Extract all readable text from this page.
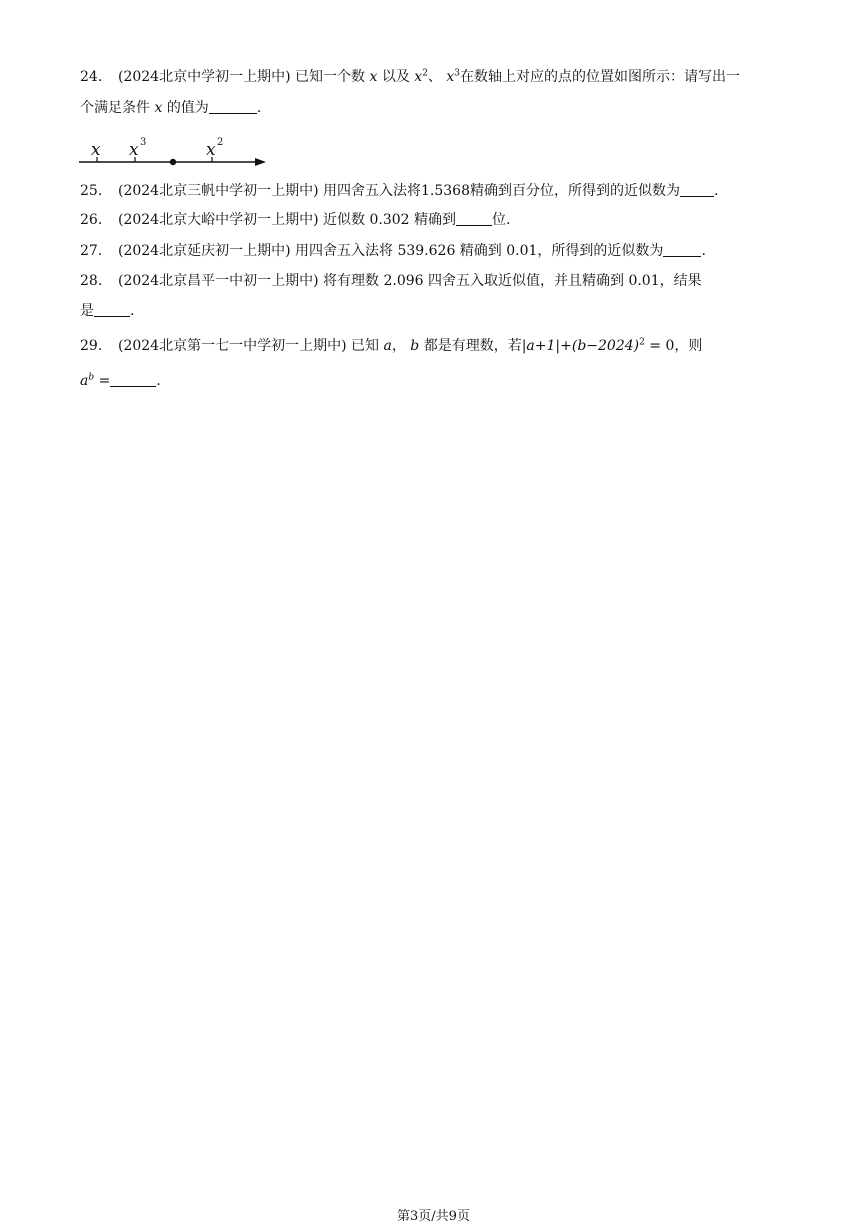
24. (2024北京中学初一上期中) 已知一个数 x 以及 $x^2$、 $x^3$在数轴上对应的点的位置如图所示：请写出一
个满足条件 x 的值为	.
x x 3	x 2
25. (2024北京三帆中学初一上期中) 用四舍五入法将1.5368精确到百分位，所得到的近似数为 .
26. (2024北京大峪中学初一上期中) 近似数 0.302 精确到	位.
27. (2024北京延庆初一上期中) 用四舍五入法将 539.626 精确到 0.01，所得到的近似数为	.
28. (2024北京昌平一中初一上期中) 将有理数 2.096 四舍五入取近似值，并且精确到 0.01，结果
是	.
29. (2024北京第一七一中学初一上期中) 已知 a， b 都是有理数，若$|a+1|+(b-2024)^2 = 0$，则
$a^b$ =	.
第3页/共9页
